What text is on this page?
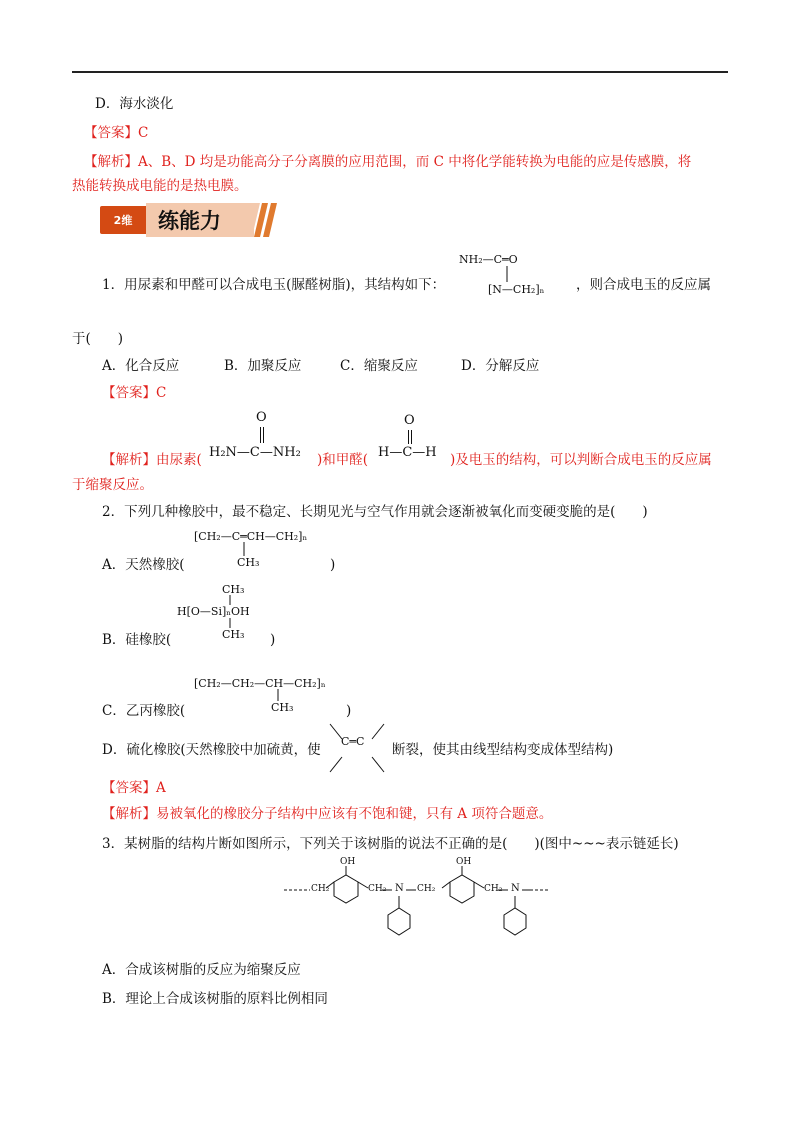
D．海水淡化
【答案】C
【解析】A、B、D 均是功能高分子分离膜的应用范围，而 C 中将化学能转换为电能的应是传感膜，将
热能转换成电能的是热电膜。
2维	练能力
NH₂—C═O
[N—CH₂]ₙ
1．用尿素和甲醛可以合成电玉(脲醛树脂)，其结构如下：	，则合成电玉的反应属
于(　　)
A．化合反应	B．加聚反应	C．缩聚反应	D．分解反应
【答案】C
O	O
【解析】由尿素( H₂N—C—NH₂ )和甲醛( H—C—H )及电玉的结构，可以判断合成电玉的反应属
于缩聚反应。
2．下列几种橡胶中，最不稳定、长期见光与空气作用就会逐渐被氧化而变硬变脆的是(　　)
[CH₂—C═CH—CH₂]ₙ
CH₃
A．天然橡胶(	)
CH₃
H[O—Si]ₙOH
CH₃
B．硅橡胶(	)
[CH₂—CH₂—CH—CH₂]ₙ
CH₃
C．乙丙橡胶(	)
D．硫化橡胶(天然橡胶中加硫黄，使
C═C
断裂，使其由线型结构变成体型结构)
【答案】A
【解析】易被氧化的橡胶分子结构中应该有不饱和键，只有 A 项符合题意。
3．某树脂的结构片断如图所示，下列关于该树脂的说法不正确的是(　　)(图中~~~表示链延长)
OH	OH
CH₂	CH₂	CH₂	CH₂
N	N
A．合成该树脂的反应为缩聚反应
B．理论上合成该树脂的原料比例相同
